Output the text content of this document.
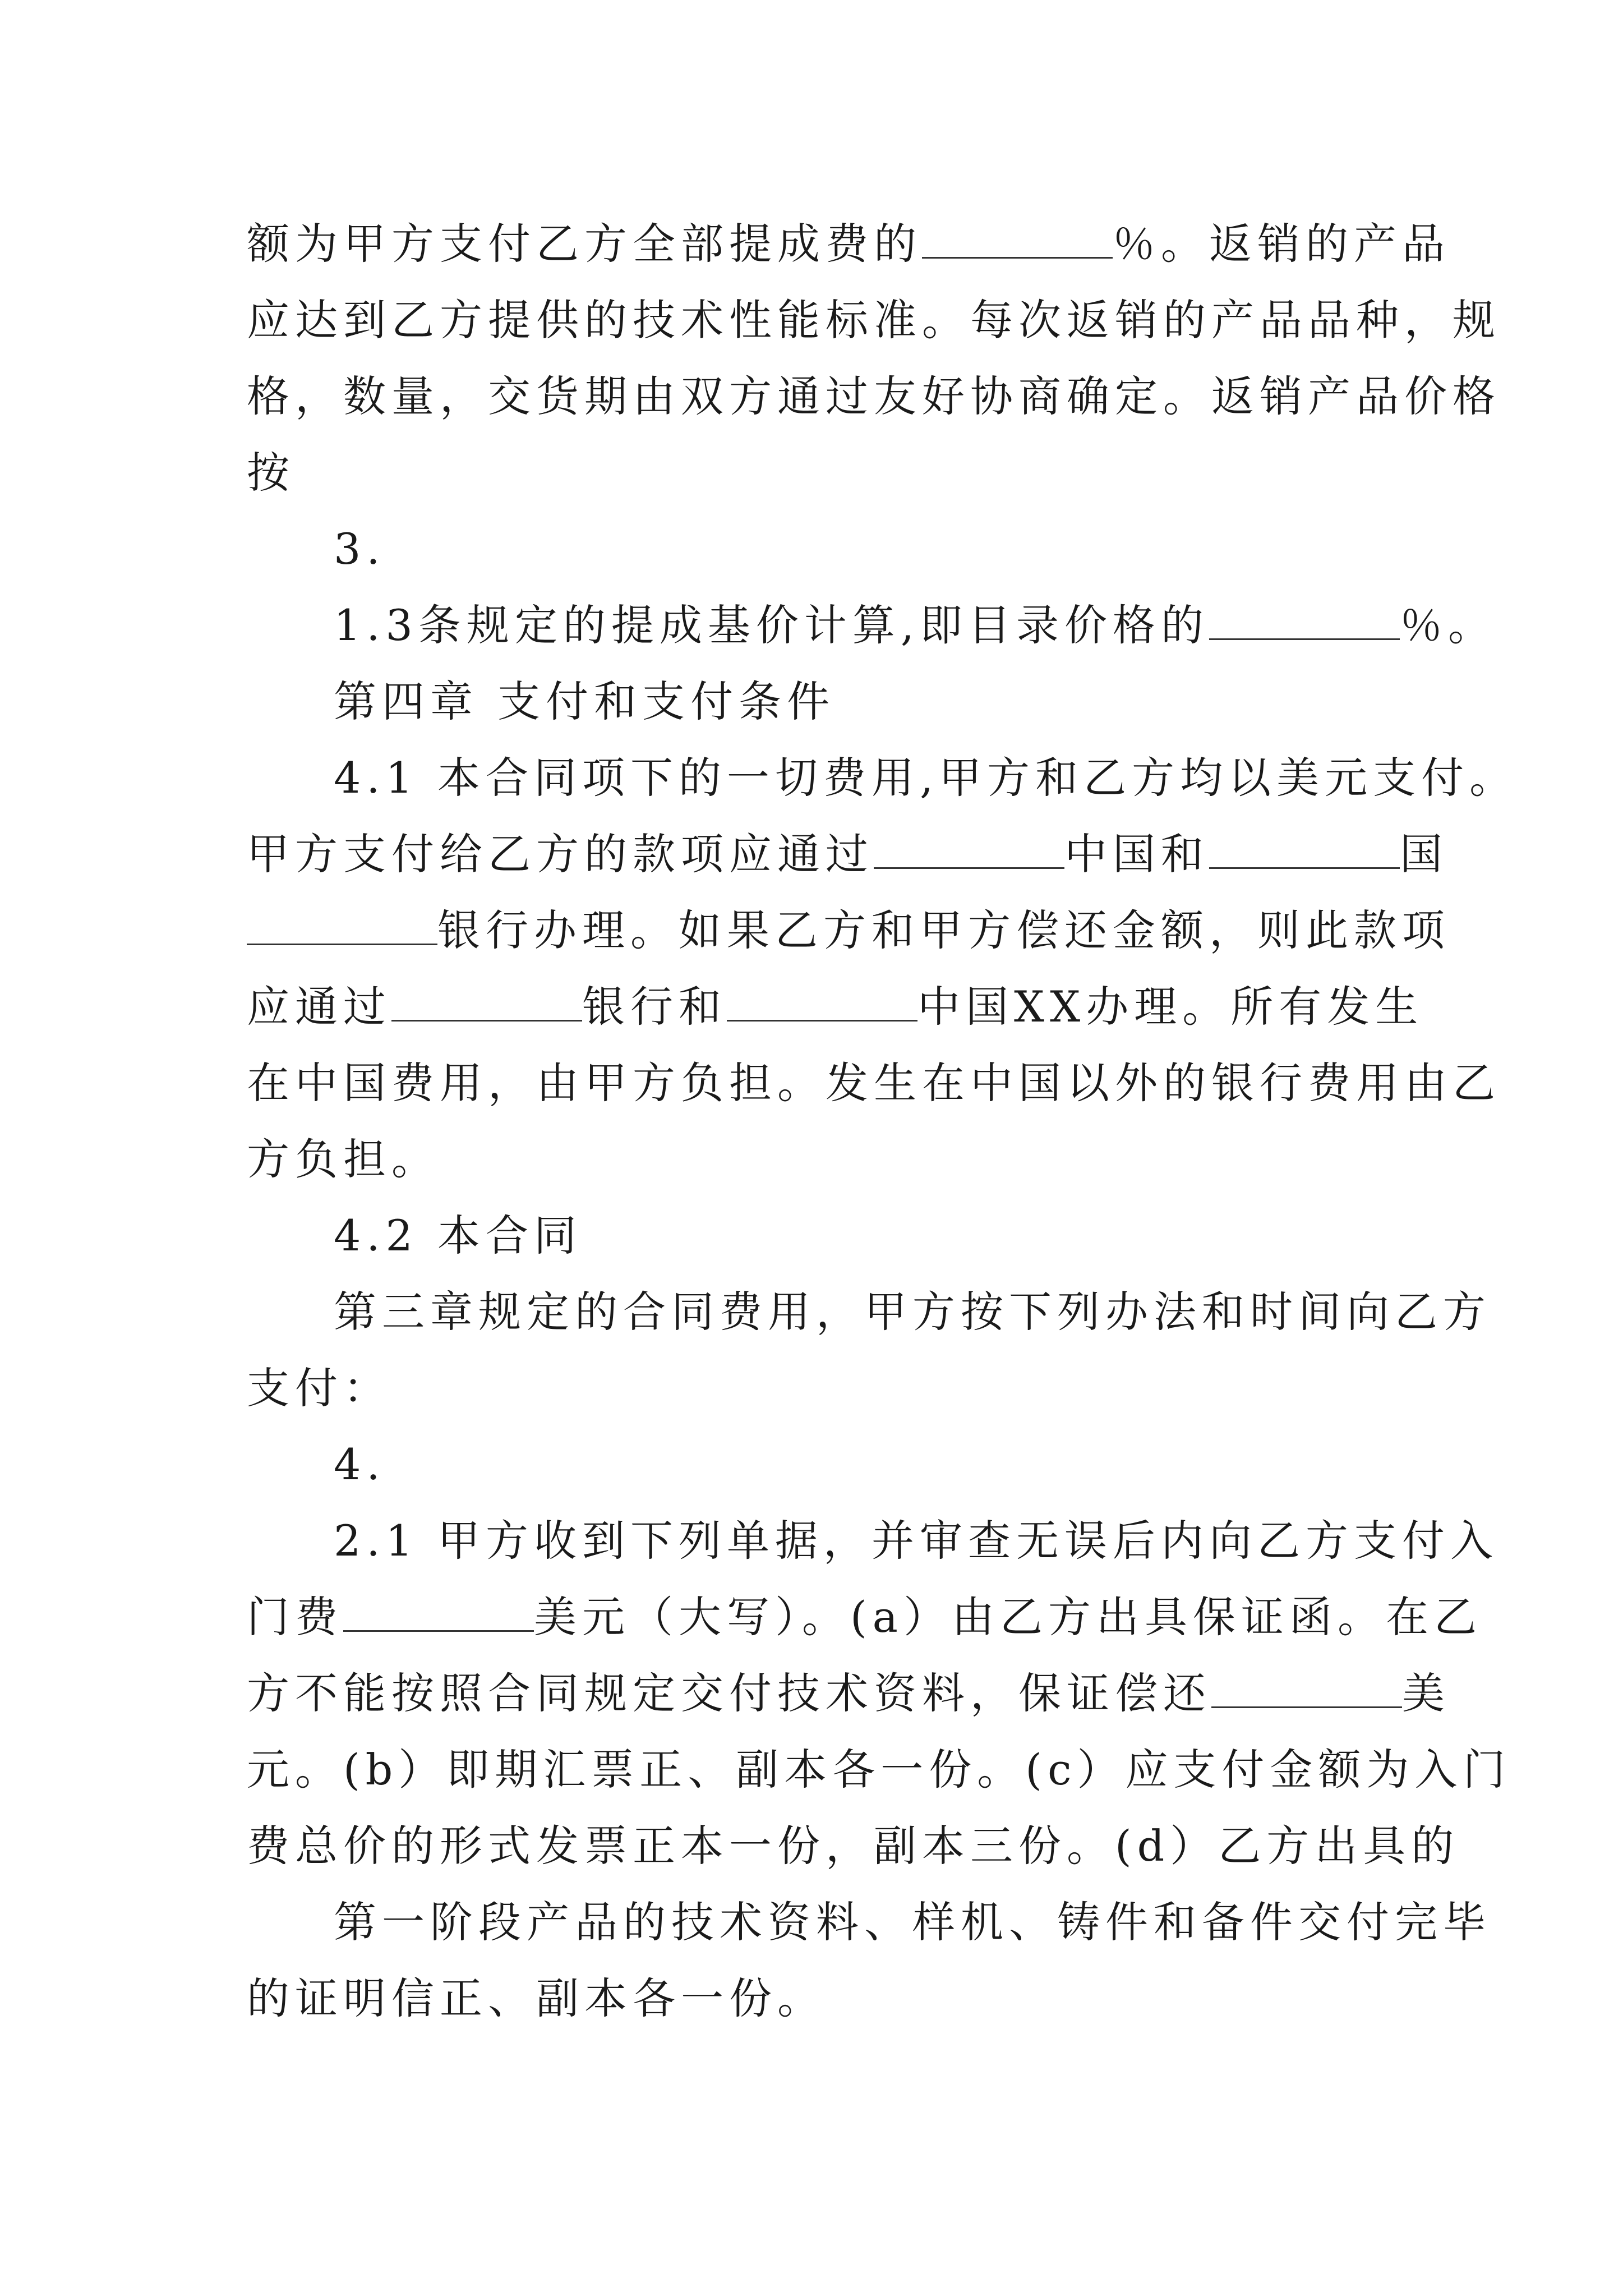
额为甲方支付乙方全部提成费的	％。返销的产品
应达到乙方提供的技术性能标准。每次返销的产品品种，规
格，数量，交货期由双方通过友好协商确定。返销产品价格
按
3.
1.3条规定的提成基价计算,即目录价格的	％。
第四章 支付和支付条件
4.1 本合同项下的一切费用,甲方和乙方均以美元支付。
甲方支付给乙方的款项应通过	中国和	国
银行办理。如果乙方和甲方偿还金额，则此款项
应通过	银行和	中国XX办理。所有发生
在中国费用，由甲方负担。发生在中国以外的银行费用由乙
方负担。
4.2 本合同
第三章规定的合同费用，甲方按下列办法和时间向乙方
支付：
4.
2.1 甲方收到下列单据，并审查无误后内向乙方支付入
门费	美元（大写）。(a）由乙方出具保证函。在乙
方不能按照合同规定交付技术资料，保证偿还	美
元。(b）即期汇票正、副本各一份。(c）应支付金额为入门
费总价的形式发票正本一份，副本三份。(d）乙方出具的
第一阶段产品的技术资料、样机、铸件和备件交付完毕
的证明信正、副本各一份。
